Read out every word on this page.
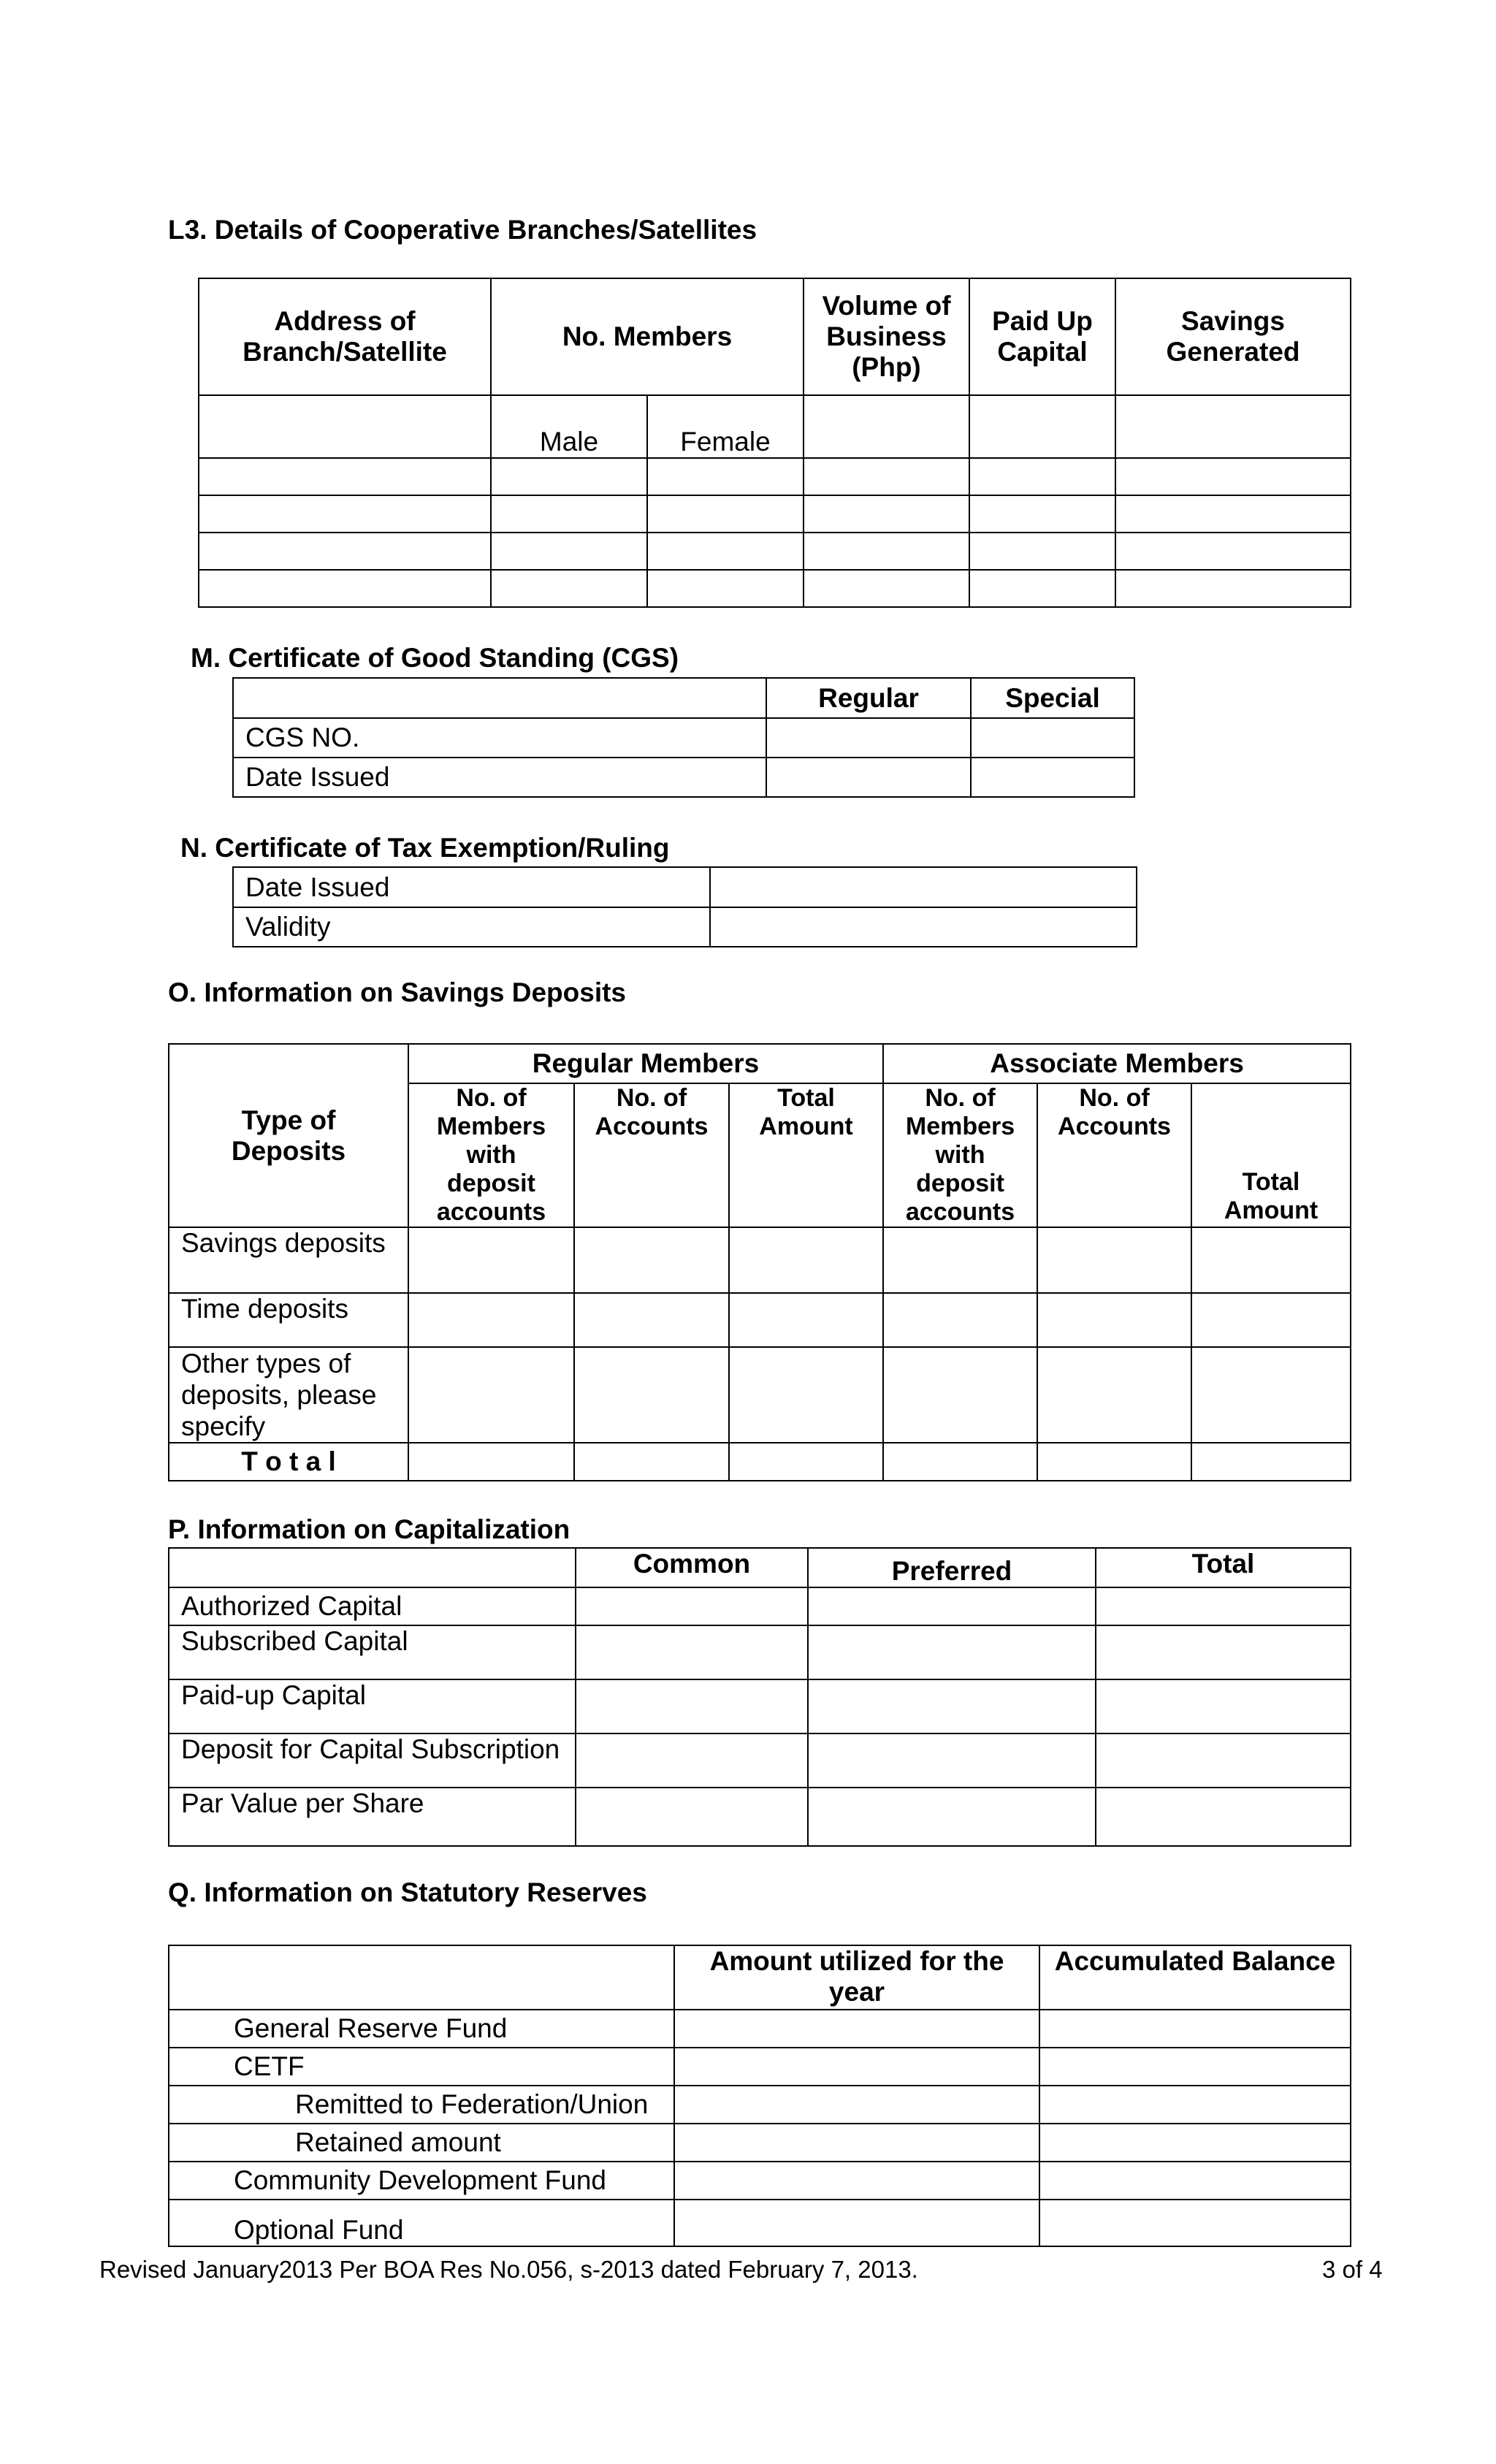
L3. Details of Cooperative Branches/Satellites
Address of Branch/Satellite	No. Members		Volume of Business (Php)	Paid Up Capital	Savings Generated
	Male	Female			

M. Certificate of Good Standing (CGS)
	Regular	Special
CGS NO.		
Date Issued		
N. Certificate of Tax Exemption/Ruling
Date Issued	
Validity	
O. Information on Savings Deposits
Type of Deposits	Regular Members			Associate Members		
	No. of Members with deposit accounts	No. of Accounts	Total Amount	No. of Members with deposit accounts	No. of Accounts	Total Amount
Savings deposits						
Time deposits						
Other types of deposits, please specify						
T o t a l						
P. Information on Capitalization
	Common	Preferred	Total
Authorized Capital			
Subscribed Capital			
Paid-up Capital			
Deposit for Capital Subscription			
Par Value per Share			
Q. Information on Statutory Reserves
	Amount utilized for the year	Accumulated Balance
General Reserve Fund		
CETF		
Remitted to Federation/Union		
Retained amount		
Community Development Fund		
Optional Fund		
Revised January2013 Per BOA Res No.056, s-2013 dated February 7, 2013.	3 of 4
